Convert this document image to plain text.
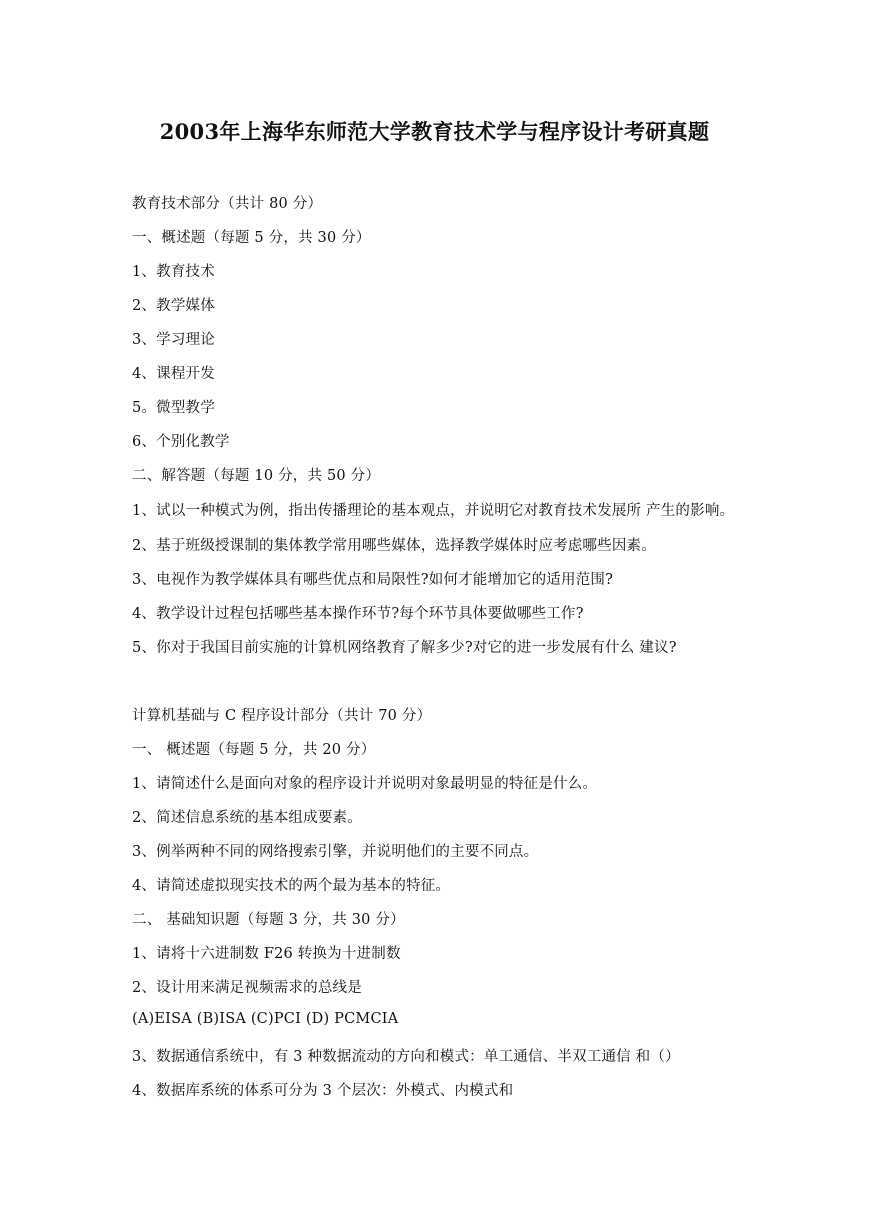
2003年上海华东师范大学教育技术学与程序设计考研真题
教育技术部分（共计 80 分）
一、概述题（每题 5 分，共 30 分）
1、教育技术
2、教学媒体
3、学习理论
4、课程开发
5。微型教学
6、个别化教学
二、解答题（每题 10 分，共 50 分）
1、试以一种模式为例，指出传播理论的基本观点，并说明它对教育技术发展所 产生的影响。
2、基于班级授课制的集体教学常用哪些媒体，选择教学媒体时应考虑哪些因素。
3、电视作为教学媒体具有哪些优点和局限性?如何才能增加它的适用范围?
4、教学设计过程包括哪些基本操作环节?每个环节具体要做哪些工作?
5、你对于我国目前实施的计算机网络教育了解多少?对它的进一步发展有什么 建议?
计算机基础与 C 程序设计部分（共计 70 分）
一、 概述题（每题 5 分，共 20 分）
1、请简述什么是面向对象的程序设计并说明对象最明显的特征是什么。
2、简述信息系统的基本组成要素。
3、例举两种不同的网络搜索引擎，并说明他们的主要不同点。
4、请简述虚拟现实技术的两个最为基本的特征。
二、 基础知识题（每题 3 分，共 30 分）
1、请将十六进制数 F26 转换为十进制数
2、设计用来满足视频需求的总线是
(A)EISA (B)ISA (C)PCI (D) PCMCIA
3、数据通信系统中，有 3 种数据流动的方向和模式：单工通信、半双工通信 和（）
4、数据库系统的体系可分为 3 个层次：外模式、内模式和
